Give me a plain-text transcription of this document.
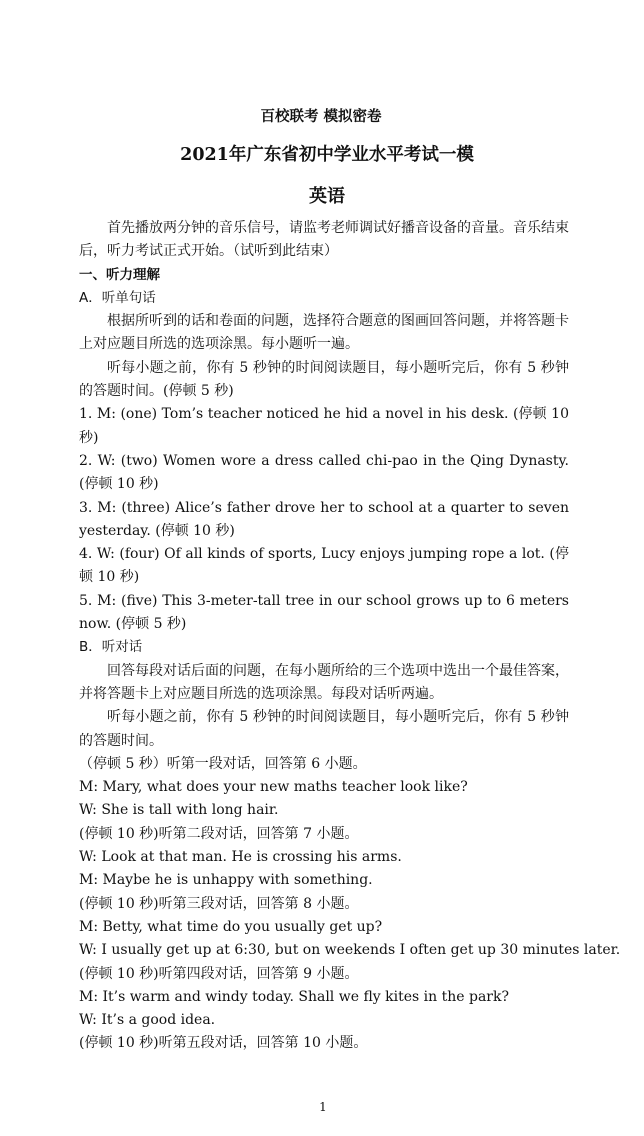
百校联考 模拟密卷
2021年广东省初中学业水平考试一模
英语

首先播放两分钟的音乐信号，请监考老师调试好播音设备的音量。音乐结束后，听力考试正式开始。（试听到此结束）

一、听力理解

A．听单句话

根据所听到的话和卷面的问题，选择符合题意的图画回答问题，并将答题卡上对应题目所选的选项涂黑。每小题听一遍。

听每小题之前，你有 5 秒钟的时间阅读题目，每小题听完后，你有 5 秒钟的答题时间。(停顿 5 秒)

1. M: (one) Tom’s teacher noticed he hid a novel in his desk. (停顿 10 秒)

2. W: (two) Women wore a dress called chi-pao in the Qing Dynasty. (停顿 10 秒)

3. M: (three) Alice’s father drove her to school at a quarter to seven yesterday. (停顿 10 秒)

4. W: (four) Of all kinds of sports, Lucy enjoys jumping rope a lot. (停顿 10 秒)

5. M: (five) This 3-meter-tall tree in our school grows up to 6 meters now. (停顿 5 秒)

B．听对话

回答每段对话后面的问题，在每小题所给的三个选项中选出一个最佳答案，并将答题卡上对应题目所选的选项涂黑。每段对话听两遍。

听每小题之前，你有 5 秒钟的时间阅读题目，每小题听完后，你有 5 秒钟的答题时间。

（停顿 5 秒）听第一段对话，回答第 6 小题。

M: Mary, what does your new maths teacher look like?

W: She is tall with long hair.

(停顿 10 秒)听第二段对话，回答第 7 小题。

W: Look at that man. He is crossing his arms.

M: Maybe he is unhappy with something.

(停顿 10 秒)听第三段对话，回答第 8 小题。

M: Betty, what time do you usually get up?

W: I usually get up at 6:30, but on weekends I often get up 30 minutes later.

(停顿 10 秒)听第四段对话，回答第 9 小题。

M: It’s warm and windy today. Shall we fly kites in the park?

W: It’s a good idea.

(停顿 10 秒)听第五段对话，回答第 10 小题。

1
